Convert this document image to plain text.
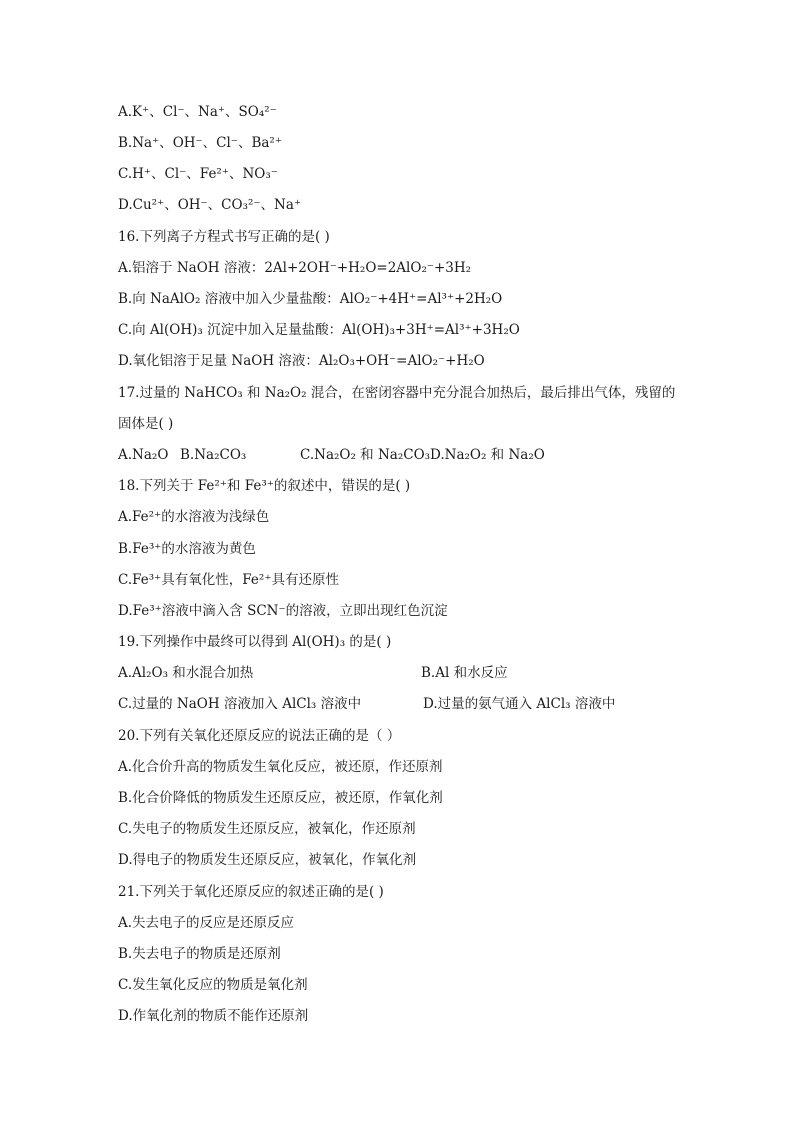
A.K⁺、Cl⁻、Na⁺、SO₄²⁻
B.Na⁺、OH⁻、Cl⁻、Ba²⁺
C.H⁺、Cl⁻、Fe²⁺、NO₃⁻
D.Cu²⁺、OH⁻、CO₃²⁻、Na⁺
16.下列离子方程式书写正确的是( )
A.铝溶于 NaOH 溶液：2Al+2OH⁻+H₂O=2AlO₂⁻+3H₂
B.向 NaAlO₂ 溶液中加入少量盐酸：AlO₂⁻+4H⁺=Al³⁺+2H₂O
C.向 Al(OH)₃ 沉淀中加入足量盐酸：Al(OH)₃+3H⁺=Al³⁺+3H₂O
D.氧化铝溶于足量 NaOH 溶液：Al₂O₃+OH⁻=AlO₂⁻+H₂O
17.过量的 NaHCO₃ 和 Na₂O₂ 混合，在密闭容器中充分混合加热后，最后排出气体，残留的
固体是( )
A.Na₂O B.Na₂CO₃	C.Na₂O₂ 和 Na₂CO₃D.Na₂O₂ 和 Na₂O
18.下列关于 Fe²⁺和 Fe³⁺的叙述中，错误的是( )
A.Fe²⁺的水溶液为浅绿色
B.Fe³⁺的水溶液为黄色
C.Fe³⁺具有氧化性，Fe²⁺具有还原性
D.Fe³⁺溶液中滴入含 SCN⁻的溶液，立即出现红色沉淀
19.下列操作中最终可以得到 Al(OH)₃ 的是( )
A.Al₂O₃ 和水混合加热	B.Al 和水反应
C.过量的 NaOH 溶液加入 AlCl₃ 溶液中	D.过量的氨气通入 AlCl₃ 溶液中
20.下列有关氧化还原反应的说法正确的是（ ）
A.化合价升高的物质发生氧化反应，被还原，作还原剂
B.化合价降低的物质发生还原反应，被还原，作氧化剂
C.失电子的物质发生还原反应，被氧化，作还原剂
D.得电子的物质发生还原反应，被氧化，作氧化剂
21.下列关于氧化还原反应的叙述正确的是( )
A.失去电子的反应是还原反应
B.失去电子的物质是还原剂
C.发生氧化反应的物质是氧化剂
D.作氧化剂的物质不能作还原剂
